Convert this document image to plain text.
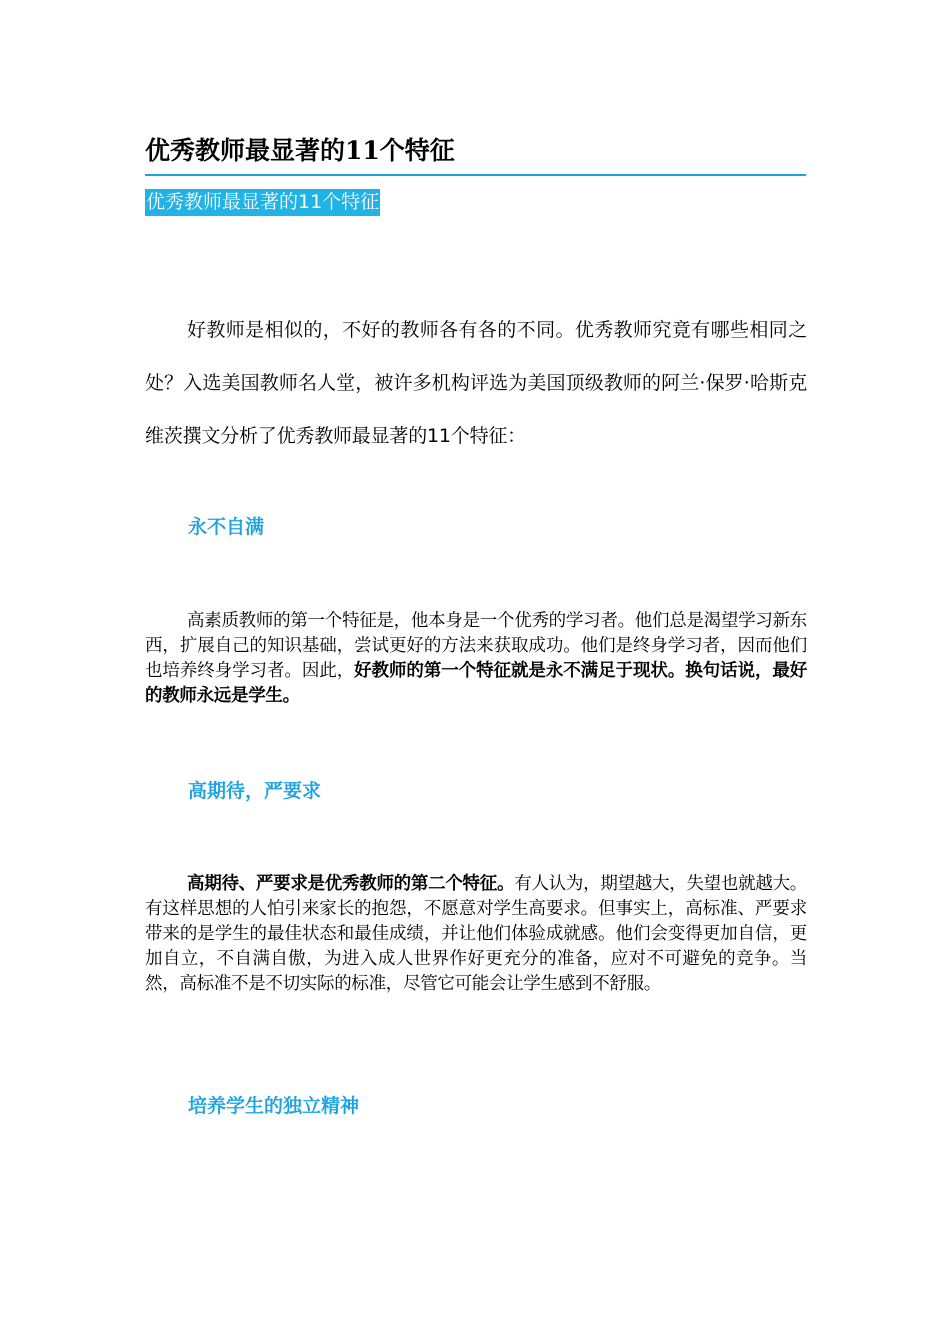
优秀教师最显著的11个特征
优秀教师最显著的11个特征

好教师是相似的，不好的教师各有各的不同。优秀教师究竟有哪些相同之处？入选美国教师名人堂，被许多机构评选为美国顶级教师的阿兰·保罗·哈斯克维茨撰文分析了优秀教师最显著的11个特征：

永不自满

高素质教师的第一个特征是，他本身是一个优秀的学习者。他们总是渴望学习新东西，扩展自己的知识基础，尝试更好的方法来获取成功。他们是终身学习者，因而他们也培养终身学习者。因此，好教师的第一个特征就是永不满足于现状。换句话说，最好的教师永远是学生。

高期待，严要求

高期待、严要求是优秀教师的第二个特征。有人认为，期望越大，失望也就越大。有这样思想的人怕引来家长的抱怨，不愿意对学生高要求。但事实上，高标准、严要求带来的是学生的最佳状态和最佳成绩，并让他们体验成就感。他们会变得更加自信，更加自立，不自满自傲，为进入成人世界作好更充分的准备，应对不可避免的竞争。当然，高标准不是不切实际的标准，尽管它可能会让学生感到不舒服。

培养学生的独立精神
